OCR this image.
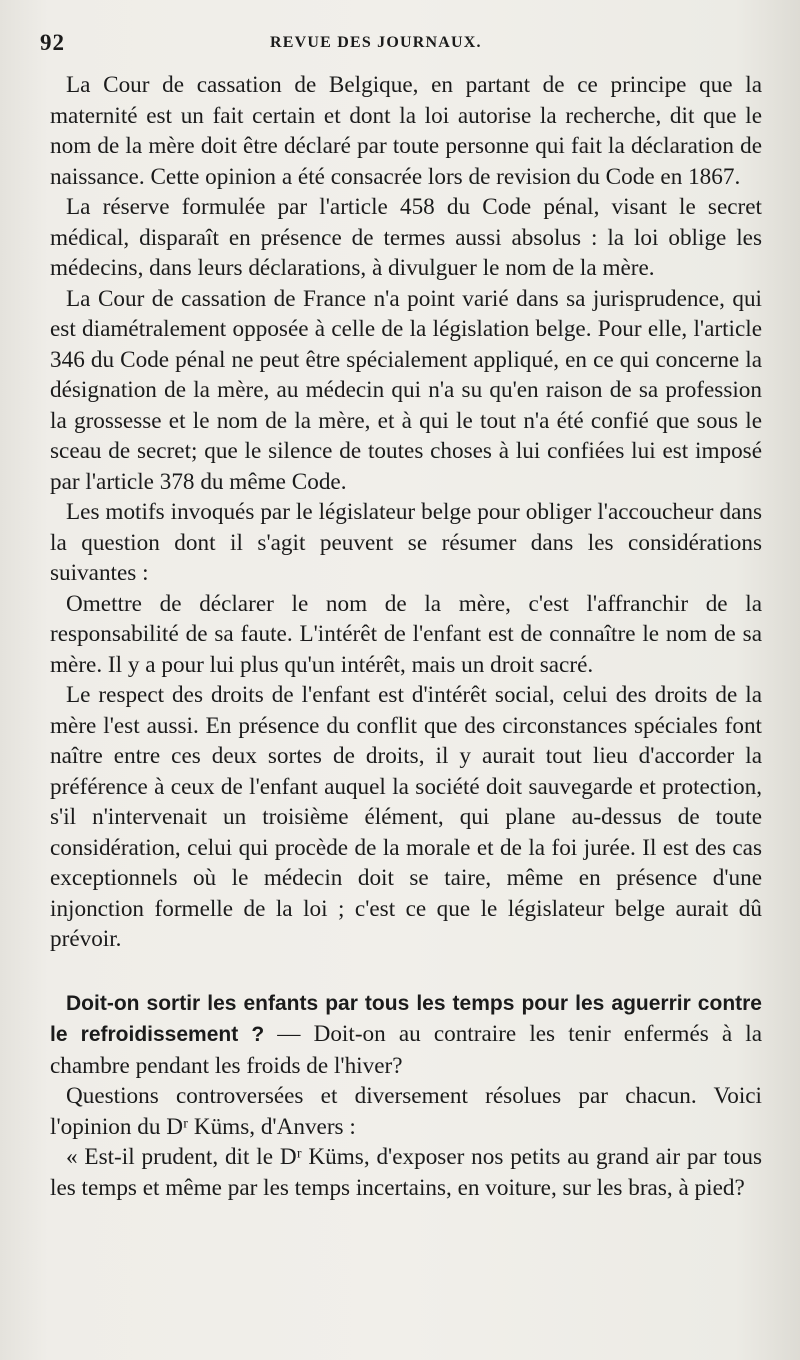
92	REVUE DES JOURNAUX.

La Cour de cassation de Belgique, en partant de ce principe que la maternité est un fait certain et dont la loi autorise la recherche, dit que le nom de la mère doit être déclaré par toute personne qui fait la déclaration de naissance. Cette opinion a été consacrée lors de revision du Code en 1867.

La réserve formulée par l'article 458 du Code pénal, visant le secret médical, disparaît en présence de termes aussi absolus : la loi oblige les médecins, dans leurs déclarations, à divulguer le nom de la mère.

La Cour de cassation de France n'a point varié dans sa jurisprudence, qui est diamétralement opposée à celle de la législation belge. Pour elle, l'article 346 du Code pénal ne peut être spécialement appliqué, en ce qui concerne la désignation de la mère, au médecin qui n'a su qu'en raison de sa profession la grossesse et le nom de la mère, et à qui le tout n'a été confié que sous le sceau de secret; que le silence de toutes choses à lui confiées lui est imposé par l'article 378 du même Code.

Les motifs invoqués par le législateur belge pour obliger l'accoucheur dans la question dont il s'agit peuvent se résumer dans les considérations suivantes :

Omettre de déclarer le nom de la mère, c'est l'affranchir de la responsabilité de sa faute. L'intérêt de l'enfant est de connaître le nom de sa mère. Il y a pour lui plus qu'un intérêt, mais un droit sacré.

Le respect des droits de l'enfant est d'intérêt social, celui des droits de la mère l'est aussi. En présence du conflit que des circonstances spéciales font naître entre ces deux sortes de droits, il y aurait tout lieu d'accorder la préférence à ceux de l'enfant auquel la société doit sauvegarde et protection, s'il n'intervenait un troisième élément, qui plane au-dessus de toute considération, celui qui procède de la morale et de la foi jurée. Il est des cas exceptionnels où le médecin doit se taire, même en présence d'une injonction formelle de la loi ; c'est ce que le législateur belge aurait dû prévoir.

Doit-on sortir les enfants par tous les temps pour les aguerrir contre le refroidissement ? — Doit-on au contraire les tenir enfermés à la chambre pendant les froids de l'hiver?

Questions controversées et diversement résolues par chacun. Voici l'opinion du Dʳ Küms, d'Anvers :

« Est-il prudent, dit le Dʳ Küms, d'exposer nos petits au grand air par tous les temps et même par les temps incertains, en voiture, sur les bras, à pied?
